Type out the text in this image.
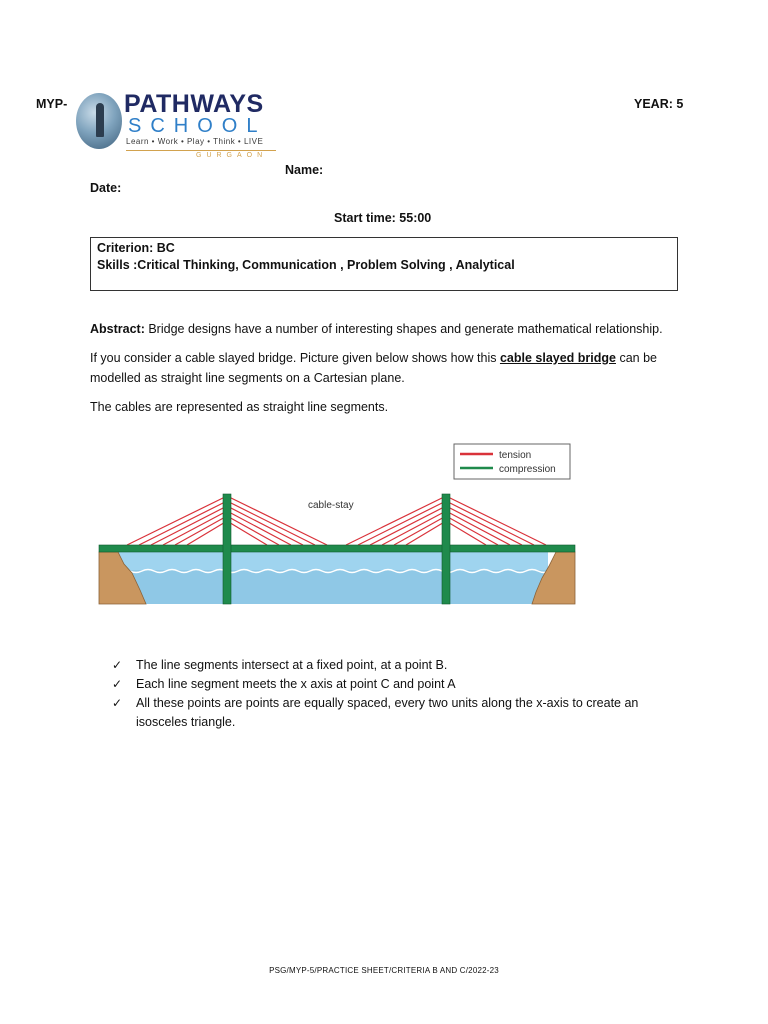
MYP- PATHWAYS
SCHOOL
Learn • Work • Play • Think • LIVE
GURGAON
YEAR: 5
Name:
Date:
Start time: 55:00
Criterion: BC
Skills :Critical Thinking, Communication , Problem Solving , Analytical
Abstract: Bridge designs have a number of interesting shapes and generate mathematical relationship.
If you consider a cable slayed bridge. Picture given below shows how this cable slayed bridge can be modelled as straight line segments on a Cartesian plane.
The cables are represented as straight line segments.
tension
compression
cable-stay
✓ The line segments intersect at a fixed point, at a point B.
✓ Each line segment meets the x axis at point C and point A
✓ All these points are points are equally spaced, every two units along the x-axis to create an isosceles triangle.
PSG/MYP-5/PRACTICE SHEET/CRITERIA B AND C/2022-23
